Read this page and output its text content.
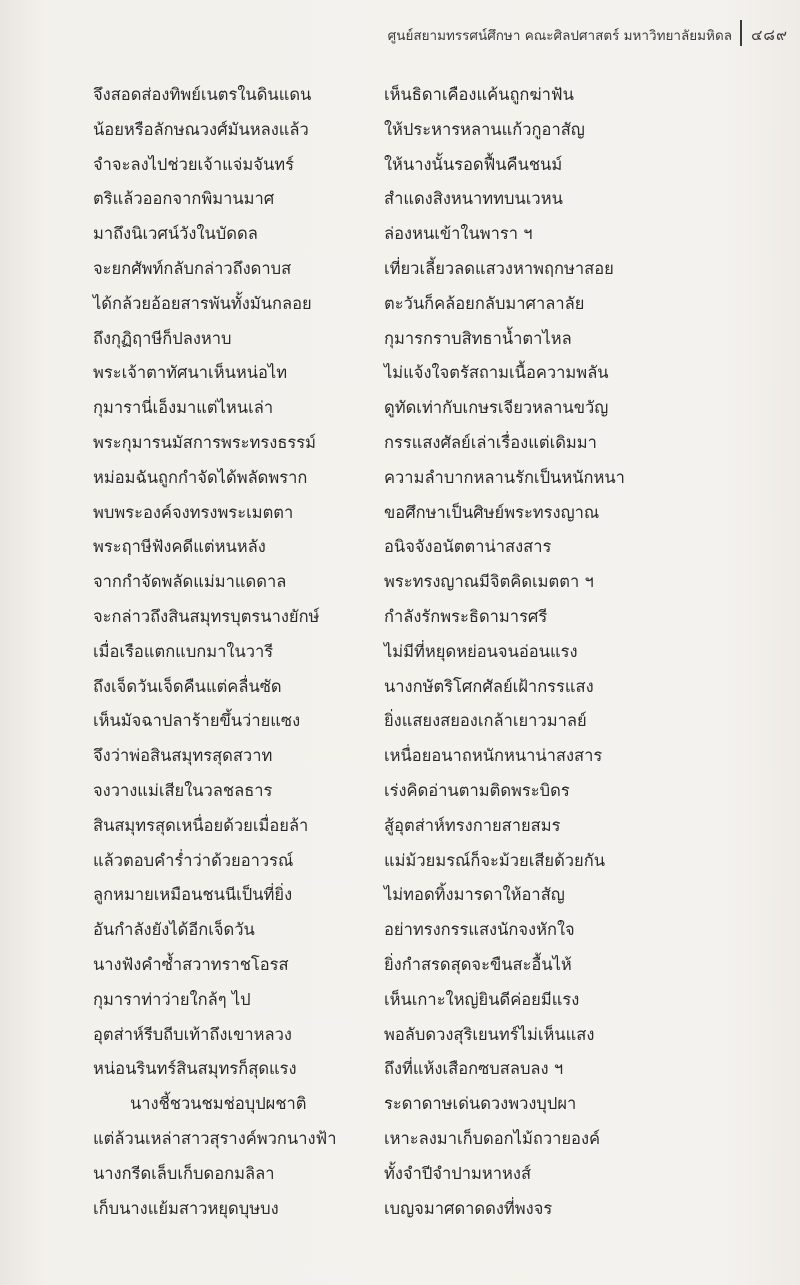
ศูนย์สยามทรรศน์ศึกษา คณะศิลปศาสตร์ มหาวิทยาลัยมหิดล ๔๘๙
จึงสอดส่องทิพย์เนตรในดินแดน	เห็นธิดาเคืองแค้นถูกฆ่าฟัน
น้อยหรือลักษณวงศ์มันหลงแล้ว	ให้ประหารหลานแก้วกูอาสัญ
จำจะลงไปช่วยเจ้าแจ่มจันทร์	ให้นางนั้นรอดฟื้นคืนชนม์
ตริแล้วออกจากพิมานมาศ	สำแดงสิงหนาททบนเวหน
มาถึงนิเวศน์วังในบัดดล	ล่องหนเข้าในพารา ฯ
จะยกศัพท์กลับกล่าวถึงดาบส	เที่ยวเลี้ยวลดแสวงหาพฤกษาสอย
ได้กล้วยอ้อยสารพันทั้งมันกลอย	ตะวันก็คล้อยกลับมาศาลาลัย
ถึงกุฏิฤาษีก็ปลงหาบ	กุมารกราบสิทธาน้ำตาไหล
พระเจ้าตาทัศนาเห็นหน่อไท	ไม่แจ้งใจตรัสถามเนื้อความพลัน
กุมารานี่เอ็งมาแต่ไหนเล่า	ดูทัดเท่ากับเกษรเจียวหลานขวัญ
พระกุมารนมัสการพระทรงธรรม์	กรรแสงศัลย์เล่าเรื่องแต่เดิมมา
หม่อมฉันถูกกำจัดได้พลัดพราก	ความลำบากหลานรักเป็นหนักหนา
พบพระองค์จงทรงพระเมตตา	ขอศึกษาเป็นศิษย์พระทรงญาณ
พระฤาษีฟังคดีแต่หนหลัง	อนิจจังอนัตตาน่าสงสาร
จากกำจัดพลัดแม่มาแดดาล	พระทรงญาณมีจิตคิดเมตตา ฯ
จะกล่าวถึงสินสมุทรบุตรนางยักษ์	กำลังรักพระธิดามารศรี
เมื่อเรือแตกแบกมาในวารี	ไม่มีที่หยุดหย่อนจนอ่อนแรง
ถึงเจ็ดวันเจ็ดคืนแต่คลื่นซัด	นางกษัตริโศกศัลย์เฝ้ากรรแสง
เห็นมัจฉาปลาร้ายขึ้นว่ายแซง	ยิ่งแสยงสยองเกล้าเยาวมาลย์
จึงว่าพ่อสินสมุทรสุดสวาท	เหนื่อยอนาถหนักหนาน่าสงสาร
จงวางแม่เสียในวลชลธาร	เร่งคิดอ่านตามติดพระบิดร
สินสมุทรสุดเหนื่อยด้วยเมื่อยล้า	สู้อุตส่าห์ทรงกายสายสมร
แล้วตอบคำร่ำว่าด้วยอาวรณ์	แม่ม้วยมรณ์ก็จะม้วยเสียด้วยกัน
ลูกหมายเหมือนชนนีเป็นที่ยิ่ง	ไม่ทอดทิ้งมารดาให้อาสัญ
อันกำลังยังได้อีกเจ็ดวัน	อย่าทรงกรรแสงนักจงหักใจ
นางฟังคำซ้ำสวาทราชโอรส	ยิ่งกำสรดสุดจะขืนสะอื้นไห้
กุมาราท่าว่ายใกล้ๆ ไป	เห็นเกาะใหญ่ยินดีค่อยมีแรง
อุตส่าห์รีบถีบเท้าถึงเขาหลวง	พอลับดวงสุริเยนทร์ไม่เห็นแสง
หน่อนรินทร์สินสมุทรก็สุดแรง	ถึงที่แห้งเสือกซบสลบลง ฯ
นางชี้ชวนชมช่อบุปผชาติ	ระดาดาษเด่นดวงพวงบุปผา
แต่ล้วนเหล่าสาวสุรางค์พวกนางฟ้า	เหาะลงมาเก็บดอกไม้ถวายองค์
นางกรีดเล็บเก็บดอกมลิลา	ทั้งจำปีจำปามหาหงส์
เก็บนางแย้มสาวหยุดบุษบง	เบญจมาศดาดดงที่พงจร
